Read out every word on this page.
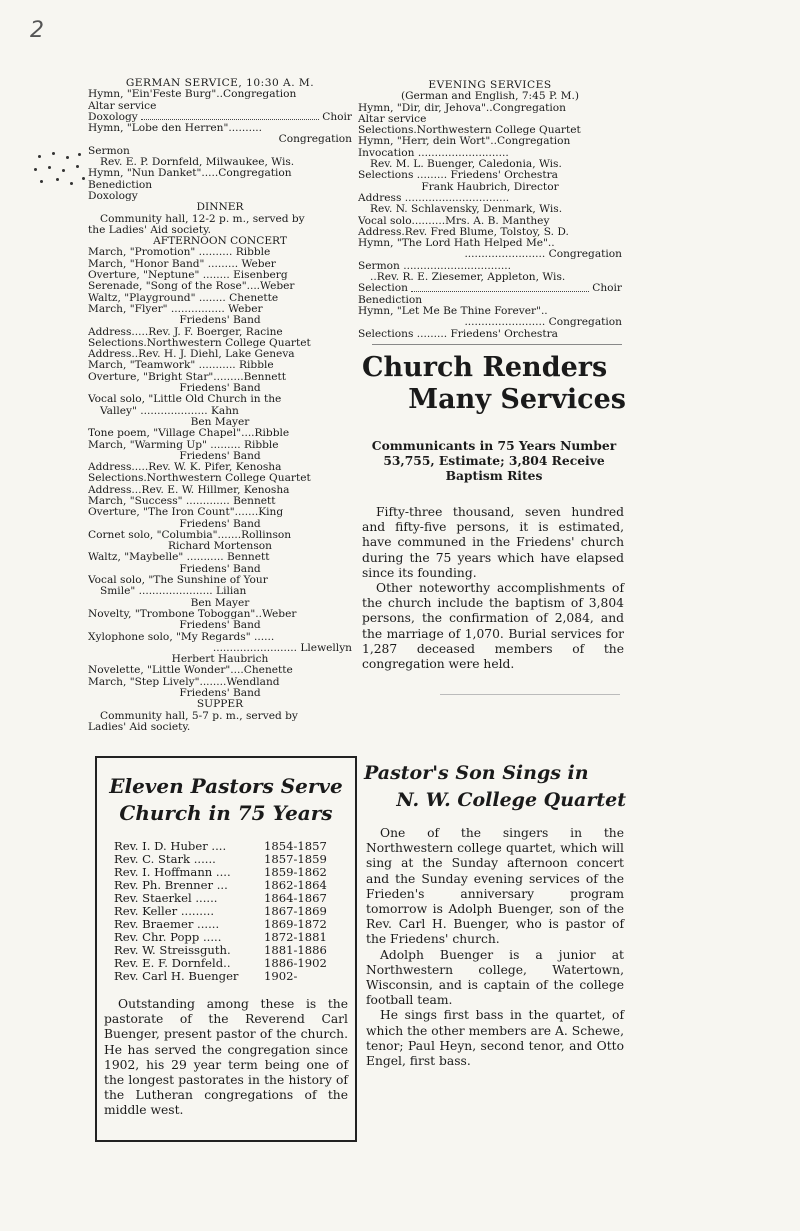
2
GERMAN SERVICE, 10:30 A. M.
Hymn, "Ein'Feste Burg"..Congregation
Altar service
Doxology	Choir
Hymn, "Lobe den Herren"..........
Congregation
Sermon
Rev. E. P. Dornfeld, Milwaukee, Wis.
Hymn, "Nun Danket".....Congregation
Benediction
Doxology
DINNER
Community hall, 12-2 p. m., served by
the Ladies' Aid society.
AFTERNOON CONCERT
March, "Promotion" .......... Ribble
March, "Honor Band" ......... Weber
Overture, "Neptune" ........ Eisenberg
Serenade, "Song of the Rose"....Weber
Waltz, "Playground" ........ Chenette
March, "Flyer" ................ Weber
Friedens' Band
Address.....Rev. J. F. Boerger, Racine
Selections.Northwestern College Quartet
Address..Rev. H. J. Diehl, Lake Geneva
March, "Teamwork" ........... Ribble
Overture, "Bright Star".........Bennett
Friedens' Band
Vocal solo, "Little Old Church in the
Valley" .................... Kahn
Ben Mayer
Tone poem, "Village Chapel"....Ribble
March, "Warming Up" ......... Ribble
Friedens' Band
Address.....Rev. W. K. Pifer, Kenosha
Selections.Northwestern College Quartet
Address...Rev. E. W. Hillmer, Kenosha
March, "Success" ............. Bennett
Overture, "The Iron Count".......King
Friedens' Band
Cornet solo, "Columbia".......Rollinson
Richard Mortenson
Waltz, "Maybelle" ........... Bennett
Friedens' Band
Vocal solo, "The Sunshine of Your
Smile" ...................... Lilian
Ben Mayer
Novelty, "Trombone Toboggan"..Weber
Friedens' Band
Xylophone solo, "My Regards" ......
......................... Llewellyn
Herbert Haubrich
Novelette, "Little Wonder"....Chenette
March, "Step Lively"........Wendland
Friedens' Band
SUPPER
Community hall, 5-7 p. m., served by
Ladies' Aid society.
EVENING SERVICES
(German and English, 7:45 P. M.)
Hymn, "Dir, dir, Jehova"..Congregation
Altar service
Selections.Northwestern College Quartet
Hymn, "Herr, dein Wort"..Congregation
Invocation ...........................
Rev. M. L. Buenger, Caledonia, Wis.
Selections ......... Friedens' Orchestra
Frank Haubrich, Director
Address ...............................
Rev. N. Schlavensky, Denmark, Wis.
Vocal solo..........Mrs. A. B. Manthey
Address.Rev. Fred Blume, Tolstoy, S. D.
Hymn, "The Lord Hath Helped Me"..
........................ Congregation
Sermon ................................
..Rev. R. E. Ziesemer, Appleton, Wis.
Selection	Choir
Benediction
Hymn, "Let Me Be Thine Forever"..
........................ Congregation
Selections ......... Friedens' Orchestra
Church Renders
Many Services
Communicants in 75 Years Number
53,755, Estimate; 3,804 Receive
Baptism Rites

Fifty-three thousand, seven hundred and fifty-five persons, it is estimated, have communed in the Friedens' church during the 75 years which have elapsed since its founding.

Other noteworthy accomplishments of the church include the baptism of 3,804 persons, the confirmation of 2,084, and the marriage of 1,070. Burial services for 1,287 deceased members of the congregation were held.

Eleven Pastors Serve
Church in 75 Years
Rev. I. D. Huber ....	1854-1857
Rev. C. Stark ......	1857-1859
Rev. I. Hoffmann ....	1859-1862
Rev. Ph. Brenner ...	1862-1864
Rev. Staerkel ......	1864-1867
Rev. Keller .........	1867-1869
Rev. Braemer ......	1869-1872
Rev. Chr. Popp .....	1872-1881
Rev. W. Streissguth.	1881-1886
Rev. E. F. Dornfeld..	1886-1902
Rev. Carl H. Buenger	1902-

Outstanding among these is the pastorate of the Reverend Carl Buenger, present pastor of the church. He has served the congregation since 1902, his 29 year term being one of the longest pastorates in the history of the Lutheran congregations of the middle west.

Pastor's Son Sings in
N. W. College Quartet

One of the singers in the Northwestern college quartet, which will sing at the Sunday afternoon concert and the Sunday evening services of the Frieden's anniversary program tomorrow is Adolph Buenger, son of the Rev. Carl H. Buenger, who is pastor of the Friedens' church.

Adolph Buenger is a junior at Northwestern college, Watertown, Wisconsin, and is captain of the college football team.

He sings first bass in the quartet, of which the other members are A. Schewe, tenor; Paul Heyn, second tenor, and Otto Engel, first bass.
